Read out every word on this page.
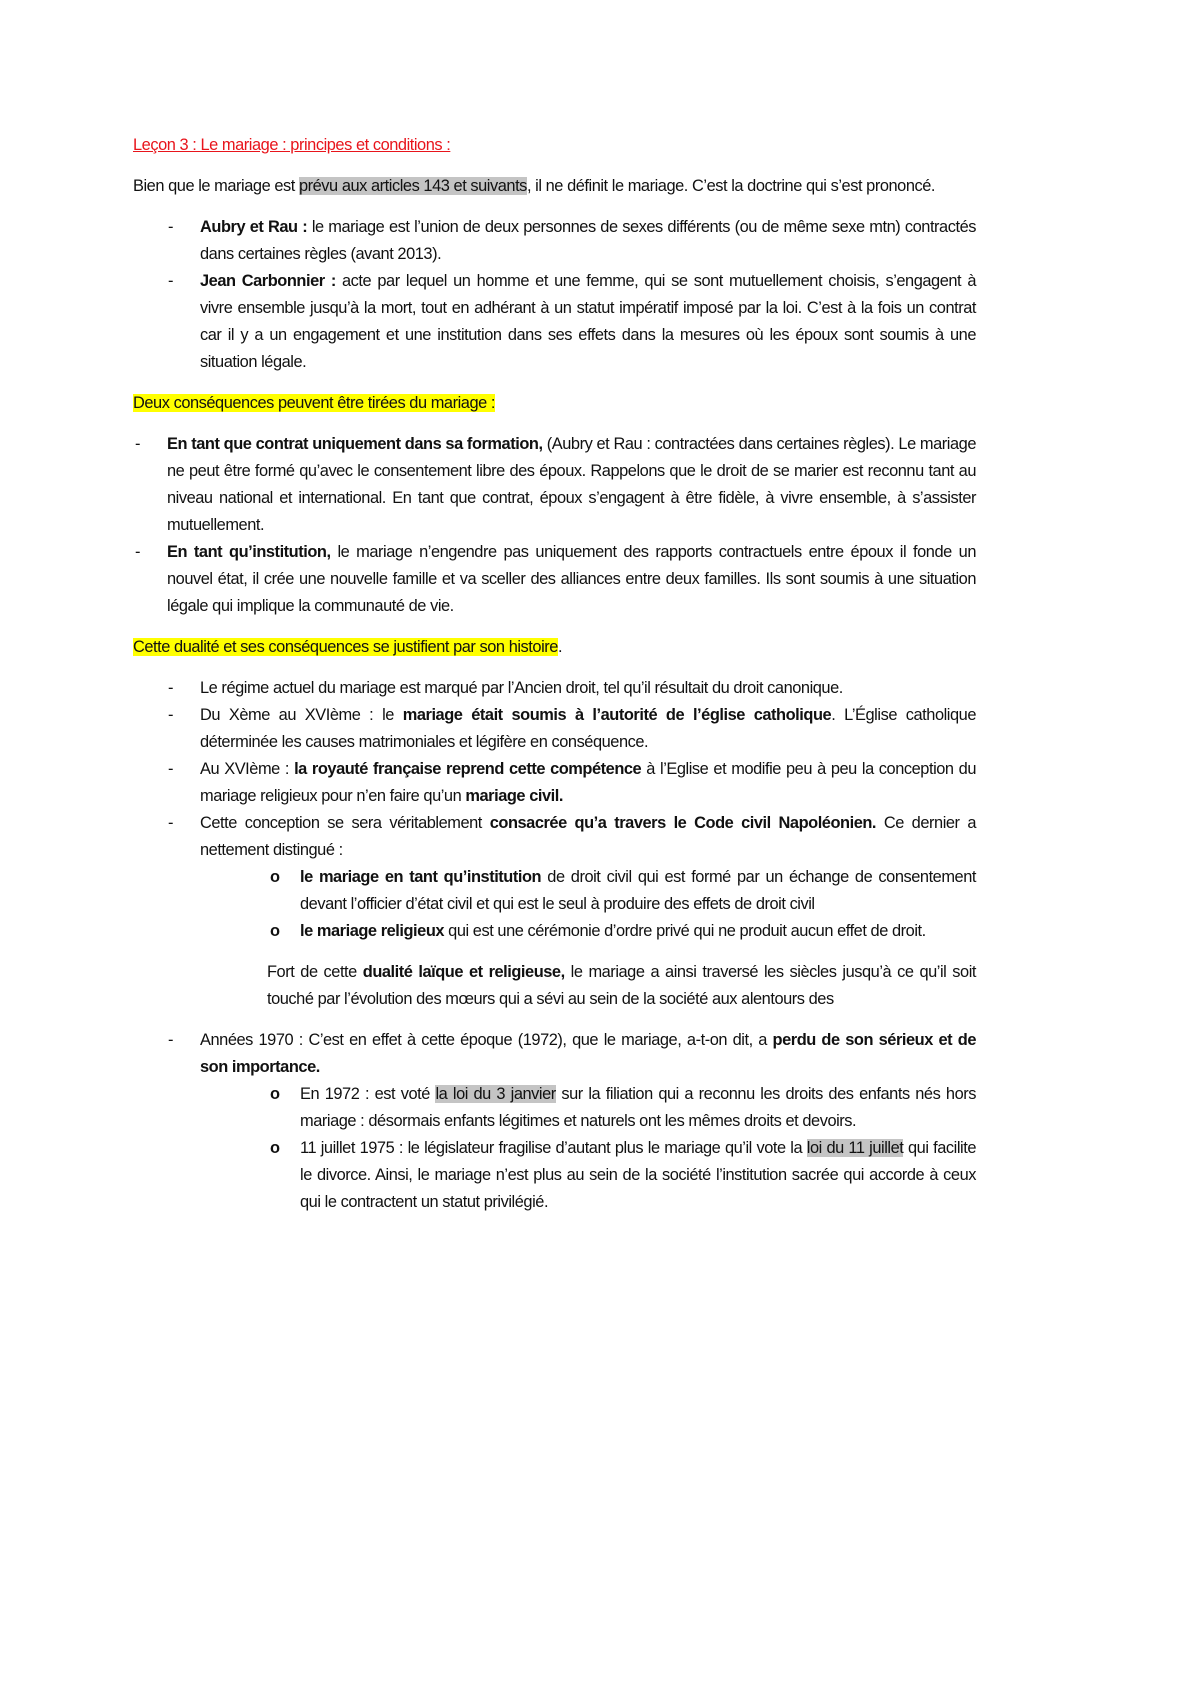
Leçon 3 : Le mariage : principes et conditions :

Bien que le mariage est prévu aux articles 143 et suivants, il ne définit le mariage. C’est la doctrine qui s’est prononcé.
- Aubry et Rau : le mariage est l’union de deux personnes de sexes différents (ou de même sexe mtn) contractés dans certaines règles (avant 2013).
- Jean Carbonnier : acte par lequel un homme et une femme, qui se sont mutuellement choisis, s’engagent à vivre ensemble jusqu’à la mort, tout en adhérant à un statut impératif imposé par la loi. C’est à la fois un contrat car il y a un engagement et une institution dans ses effets dans la mesures où les époux sont soumis à une situation légale.
Deux conséquences peuvent être tirées du mariage :
- En tant que contrat uniquement dans sa formation, (Aubry et Rau : contractées dans certaines règles). Le mariage ne peut être formé qu’avec le consentement libre des époux. Rappelons que le droit de se marier est reconnu tant au niveau national et international. En tant que contrat, époux s’engagent à être fidèle, à vivre ensemble, à s’assister mutuellement.
- En tant qu’institution, le mariage n’engendre pas uniquement des rapports contractuels entre époux il fonde un nouvel état, il crée une nouvelle famille et va sceller des alliances entre deux familles. Ils sont soumis à une situation légale qui implique la communauté de vie.
Cette dualité et ses conséquences se justifient par son histoire.
- Le régime actuel du mariage est marqué par l’Ancien droit, tel qu’il résultait du droit canonique.
- Du Xème au XVIème : le mariage était soumis à l’autorité de l’église catholique. L’Église catholique déterminée les causes matrimoniales et légifère en conséquence.
- Au XVIème : la royauté française reprend cette compétence à l’Eglise et modifie peu à peu la conception du mariage religieux pour n’en faire qu’un mariage civil.
- Cette conception se sera véritablement consacrée qu’a travers le Code civil Napoléonien. Ce dernier a nettement distingué :
o le mariage en tant qu’institution de droit civil qui est formé par un échange de consentement devant l’officier d’état civil et qui est le seul à produire des effets de droit civil
o le mariage religieux qui est une cérémonie d’ordre privé qui ne produit aucun effet de droit.
Fort de cette dualité laïque et religieuse, le mariage a ainsi traversé les siècles jusqu’à ce qu’il soit touché par l’évolution des mœurs qui a sévi au sein de la société aux alentours des
- Années 1970 : C’est en effet à cette époque (1972), que le mariage, a-t-on dit, a perdu de son sérieux et de son importance.
o En 1972 : est voté la loi du 3 janvier sur la filiation qui a reconnu les droits des enfants nés hors mariage : désormais enfants légitimes et naturels ont les mêmes droits et devoirs.
o 11 juillet 1975 : le législateur fragilise d’autant plus le mariage qu’il vote la loi du 11 juillet qui facilite le divorce. Ainsi, le mariage n’est plus au sein de la société l’institution sacrée qui accorde à ceux qui le contractent un statut privilégié.
